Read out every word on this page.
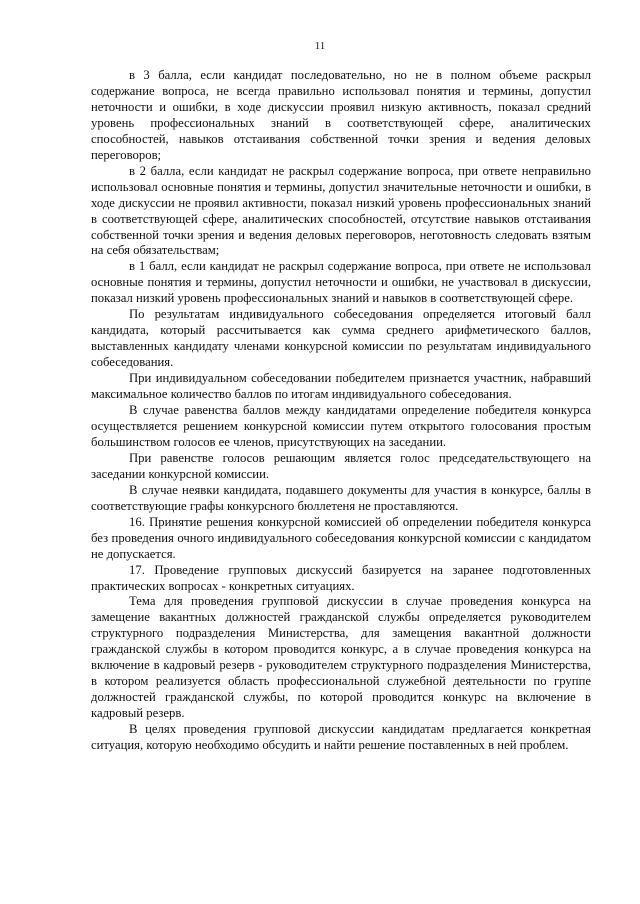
11

в 3 балла, если кандидат последовательно, но не в полном объеме раскрыл содержание вопроса, не всегда правильно использовал понятия и термины, допустил неточности и ошибки, в ходе дискуссии проявил низкую активность, показал средний уровень профессиональных знаний в соответствующей сфере, аналитических способностей, навыков отстаивания собственной точки зрения и ведения деловых переговоров;

в 2 балла, если кандидат не раскрыл содержание вопроса, при ответе неправильно использовал основные понятия и термины, допустил значительные неточности и ошибки, в ходе дискуссии не проявил активности, показал низкий уровень профессиональных знаний в соответствующей сфере, аналитических способностей, отсутствие навыков отстаивания собственной точки зрения и ведения деловых переговоров, неготовность следовать взятым на себя обязательствам;

в 1 балл, если кандидат не раскрыл содержание вопроса, при ответе не использовал основные понятия и термины, допустил неточности и ошибки, не участвовал в дискуссии, показал низкий уровень профессиональных знаний и навыков в соответствующей сфере.

По результатам индивидуального собеседования определяется итоговый балл кандидата, который рассчитывается как сумма среднего арифметического баллов, выставленных кандидату членами конкурсной комиссии по результатам индивидуального собеседования.

При индивидуальном собеседовании победителем признается участник, набравший максимальное количество баллов по итогам индивидуального собеседования.

В случае равенства баллов между кандидатами определение победителя конкурса осуществляется решением конкурсной комиссии путем открытого голосования простым большинством голосов ее членов, присутствующих на заседании.

При равенстве голосов решающим является голос председательствующего на заседании конкурсной комиссии.

В случае неявки кандидата, подавшего документы для участия в конкурсе, баллы в соответствующие графы конкурсного бюллетеня не проставляются.

16. Принятие решения конкурсной комиссией об определении победителя конкурса без проведения очного индивидуального собеседования конкурсной комиссии с кандидатом не допускается.

17. Проведение групповых дискуссий базируется на заранее подготовленных практических вопросах - конкретных ситуациях.

Тема для проведения групповой дискуссии в случае проведения конкурса на замещение вакантных должностей гражданской службы определяется руководителем структурного подразделения Министерства, для замещения вакантной должности гражданской службы в котором проводится конкурс, а в случае проведения конкурса на включение в кадровый резерв - руководителем структурного подразделения Министерства, в котором реализуется область профессиональной служебной деятельности по группе должностей гражданской службы, по которой проводится конкурс на включение в кадровый резерв.

В целях проведения групповой дискуссии кандидатам предлагается конкретная ситуация, которую необходимо обсудить и найти решение поставленных в ней проблем.
